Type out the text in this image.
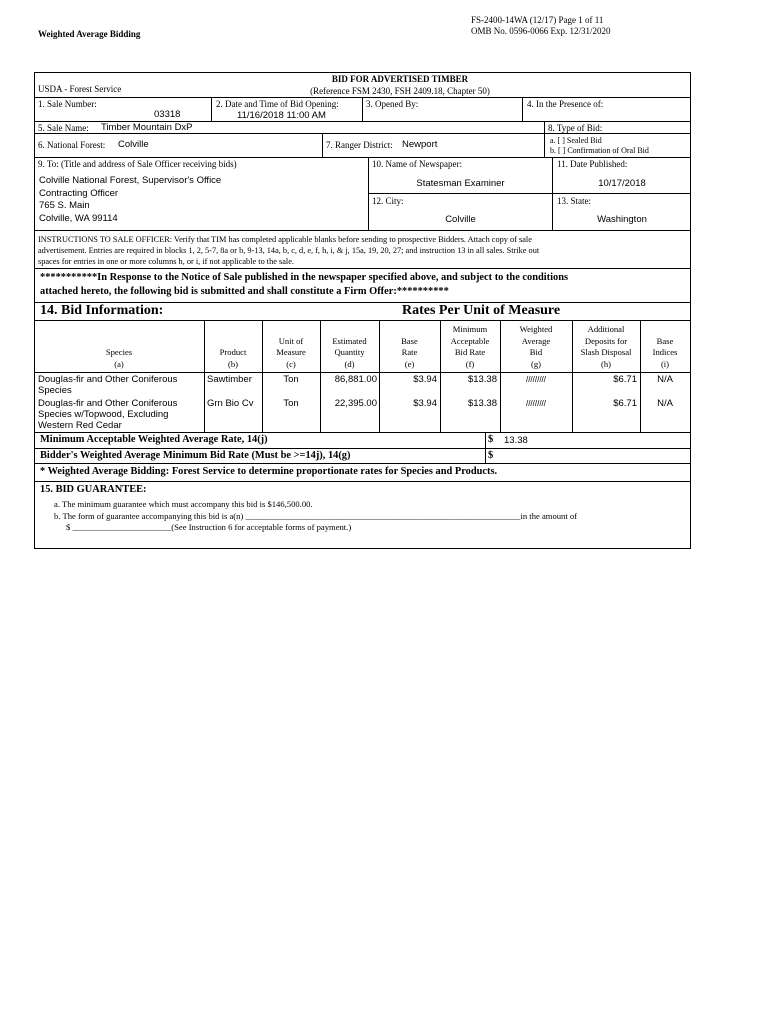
Weighted Average Bidding
FS-2400-14WA (12/17) Page 1 of 11
OMB No. 0596-0066 Exp. 12/31/2020
USDA - Forest Service
BID FOR ADVERTISED TIMBER
(Reference FSM 2430, FSH 2409.18, Chapter 50)
1. Sale Number:
03318
2. Date and Time of Bid Opening:
11/16/2018 11:00 AM
3. Opened By:	4. In the Presence of:
5. Sale Name: Timber Mountain DxP	8. Type of Bid:
6. National Forest: Colville	7. Ranger District: Newport	a. [ ] Sealed Bid
b. [ ] Confirmation of Oral Bid
9. To: (Title and address of Sale Officer receiving bids)
Colville National Forest, Supervisor's Office
Contracting Officer
765 S. Main
Colville, WA 99114
10. Name of Newspaper:
Statesman Examiner
11. Date Published:
10/17/2018
12. City:
Colville
13. State:
Washington
INSTRUCTIONS TO SALE OFFICER: Verify that TIM has completed applicable blanks before sending to prospective Bidders. Attach copy of sale
advertisement. Entries are required in blocks 1, 2, 5-7, 8a or b, 9-13, 14a, b, c, d, e, f, h, i, & j, 15a, 19, 20, 27; and instruction 13 in all sales. Strike out
spaces for entries in one or more columns h, or i, if not applicable to the sale.
***********In Response to the Notice of Sale published in the newspaper specified above, and subject to the conditions
attached hereto, the following bid is submitted and shall constitute a Firm Offer:**********
14. Bid Information:	Rates Per Unit of Measure
Species
(a)
Product
(b)
Unit of
Measure
(c)
Estimated
Quantity
(d)
Base
Rate
(e)
Minimum
Acceptable
Bid Rate
(f)
Weighted
Average
Bid
(g)
Additional
Deposits for
Slash Disposal
(h)
Base
Indices
(i)
Douglas-fir and Other Coniferous
Species
Sawtimber	Ton	86,881.00	$3.94	$13.38	/////////	$6.71	N/A
Douglas-fir and Other Coniferous
Species w/Topwood, Excluding
Western Red Cedar
Grn Bio Cv	Ton	22,395.00	$3.94	$13.38	/////////	$6.71	N/A
Minimum Acceptable Weighted Average Rate, 14(j)	$ 13.38
Bidder's Weighted Average Minimum Bid Rate (Must be >=14j), 14(g)	$
* Weighted Average Bidding: Forest Service to determine proportionate rates for Species and Products.
15. BID GUARANTEE:
a. The minimum guarantee which must accompany this bid is $146,500.00.
b. The form of guarantee accompanying this bid is a(n) ________________________________________________________________in the amount of
$ _______________________(See Instruction 6 for acceptable forms of payment.)
